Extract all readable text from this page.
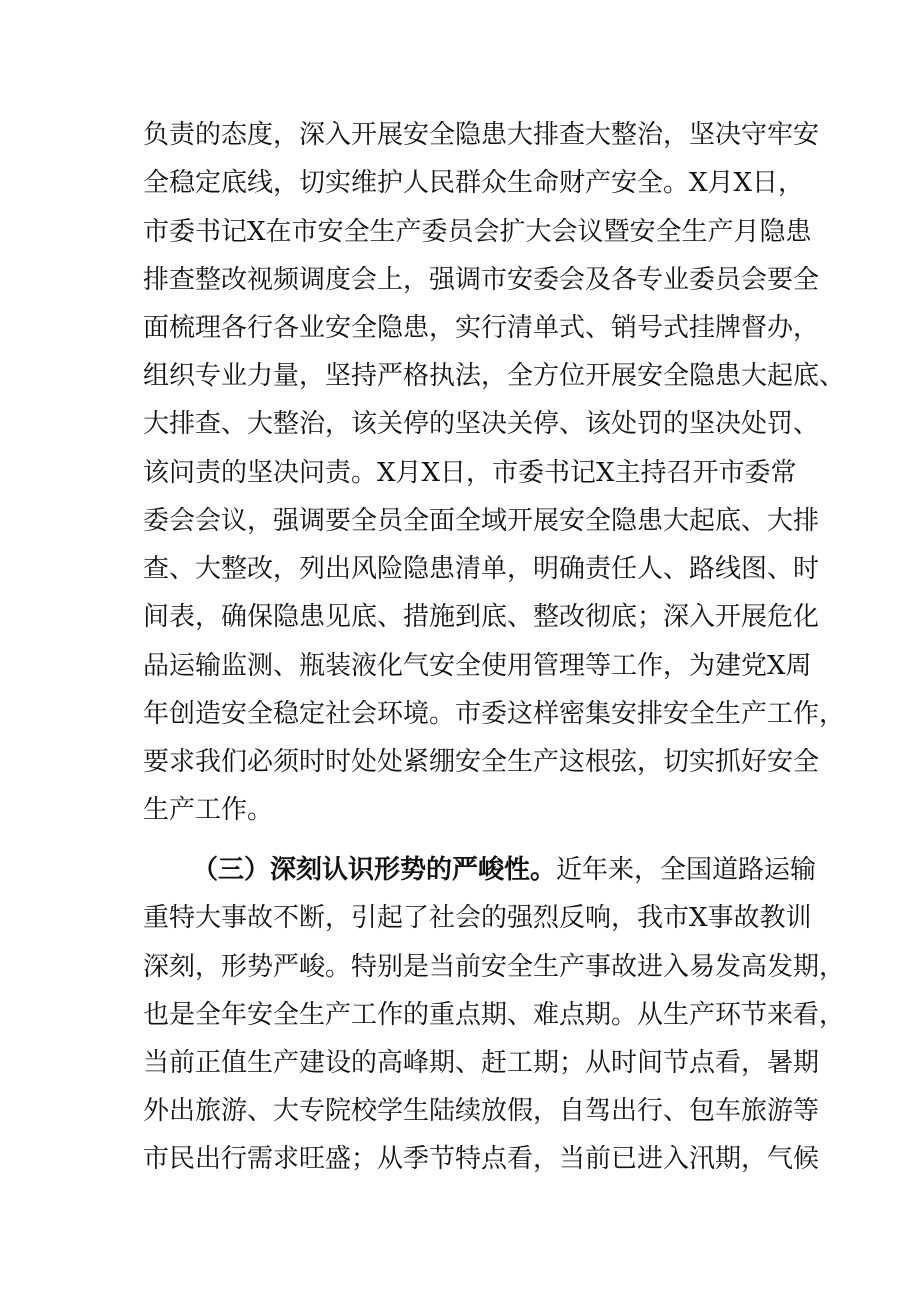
负责的态度，深入开展安全隐患大排查大整治，坚决守牢安
全稳定底线，切实维护人民群众生命财产安全。X月X日，
市委书记X在市安全生产委员会扩大会议暨安全生产月隐患
排查整改视频调度会上，强调市安委会及各专业委员会要全
面梳理各行各业安全隐患，实行清单式、销号式挂牌督办，
组织专业力量，坚持严格执法，全方位开展安全隐患大起底、
大排查、大整治，该关停的坚决关停、该处罚的坚决处罚、
该问责的坚决问责。X月X日，市委书记X主持召开市委常
委会会议，强调要全员全面全域开展安全隐患大起底、大排
查、大整改，列出风险隐患清单，明确责任人、路线图、时
间表，确保隐患见底、措施到底、整改彻底；深入开展危化
品运输监测、瓶装液化气安全使用管理等工作，为建党X周
年创造安全稳定社会环境。市委这样密集安排安全生产工作，
要求我们必须时时处处紧绷安全生产这根弦，切实抓好安全
生产工作。
（三）深刻认识形势的严峻性。近年来，全国道路运输
重特大事故不断，引起了社会的强烈反响，我市X事故教训
深刻，形势严峻。特别是当前安全生产事故进入易发高发期，
也是全年安全生产工作的重点期、难点期。从生产环节来看，
当前正值生产建设的高峰期、赶工期；从时间节点看，暑期
外出旅游、大专院校学生陆续放假，自驾出行、包车旅游等
市民出行需求旺盛；从季节特点看，当前已进入汛期，气候
